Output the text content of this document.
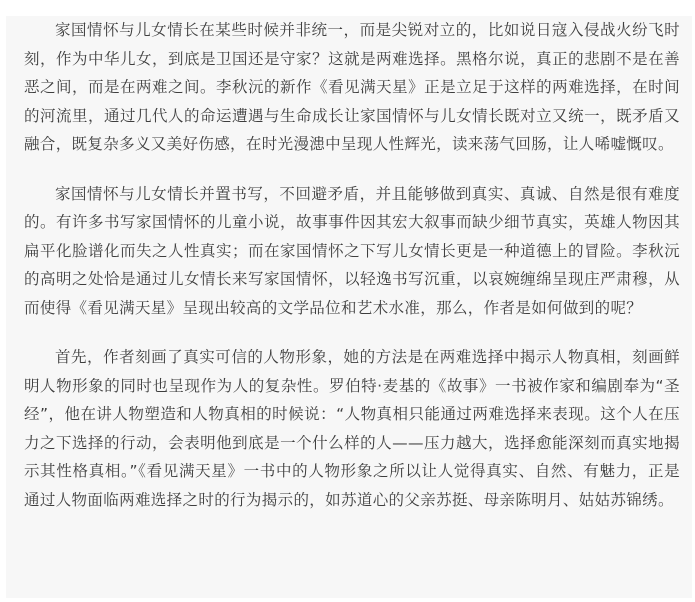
家国情怀与儿女情长在某些时候并非统一，而是尖锐对立的，比如说日寇入侵战火纷飞时刻，作为中华儿女，到底是卫国还是守家？这就是两难选择。黑格尔说，真正的悲剧不是在善恶之间，而是在两难之间。李秋沅的新作《看见满天星》正是立足于这样的两难选择，在时间的河流里，通过几代人的命运遭遇与生命成长让家国情怀与儿女情长既对立又统一，既矛盾又融合，既复杂多义又美好伤感，在时光漫漶中呈现人性辉光，读来荡气回肠，让人唏嘘慨叹。

家国情怀与儿女情长并置书写，不回避矛盾，并且能够做到真实、真诚、自然是很有难度的。有许多书写家国情怀的儿童小说，故事事件因其宏大叙事而缺少细节真实，英雄人物因其扁平化脸谱化而失之人性真实；而在家国情怀之下写儿女情长更是一种道德上的冒险。李秋沅的高明之处恰是通过儿女情长来写家国情怀，以轻逸书写沉重，以哀婉缠绵呈现庄严肃穆，从而使得《看见满天星》呈现出较高的文学品位和艺术水准，那么，作者是如何做到的呢？

首先，作者刻画了真实可信的人物形象，她的方法是在两难选择中揭示人物真相，刻画鲜明人物形象的同时也呈现作为人的复杂性。罗伯特·麦基的《故事》一书被作家和编剧奉为“圣经”，他在讲人物塑造和人物真相的时候说：“人物真相只能通过两难选择来表现。这个人在压力之下选择的行动，会表明他到底是一个什么样的人——压力越大，选择愈能深刻而真实地揭示其性格真相。”《看见满天星》一书中的人物形象之所以让人觉得真实、自然、有魅力，正是通过人物面临两难选择之时的行为揭示的，如苏道心的父亲苏挺、母亲陈明月、姑姑苏锦绣。
